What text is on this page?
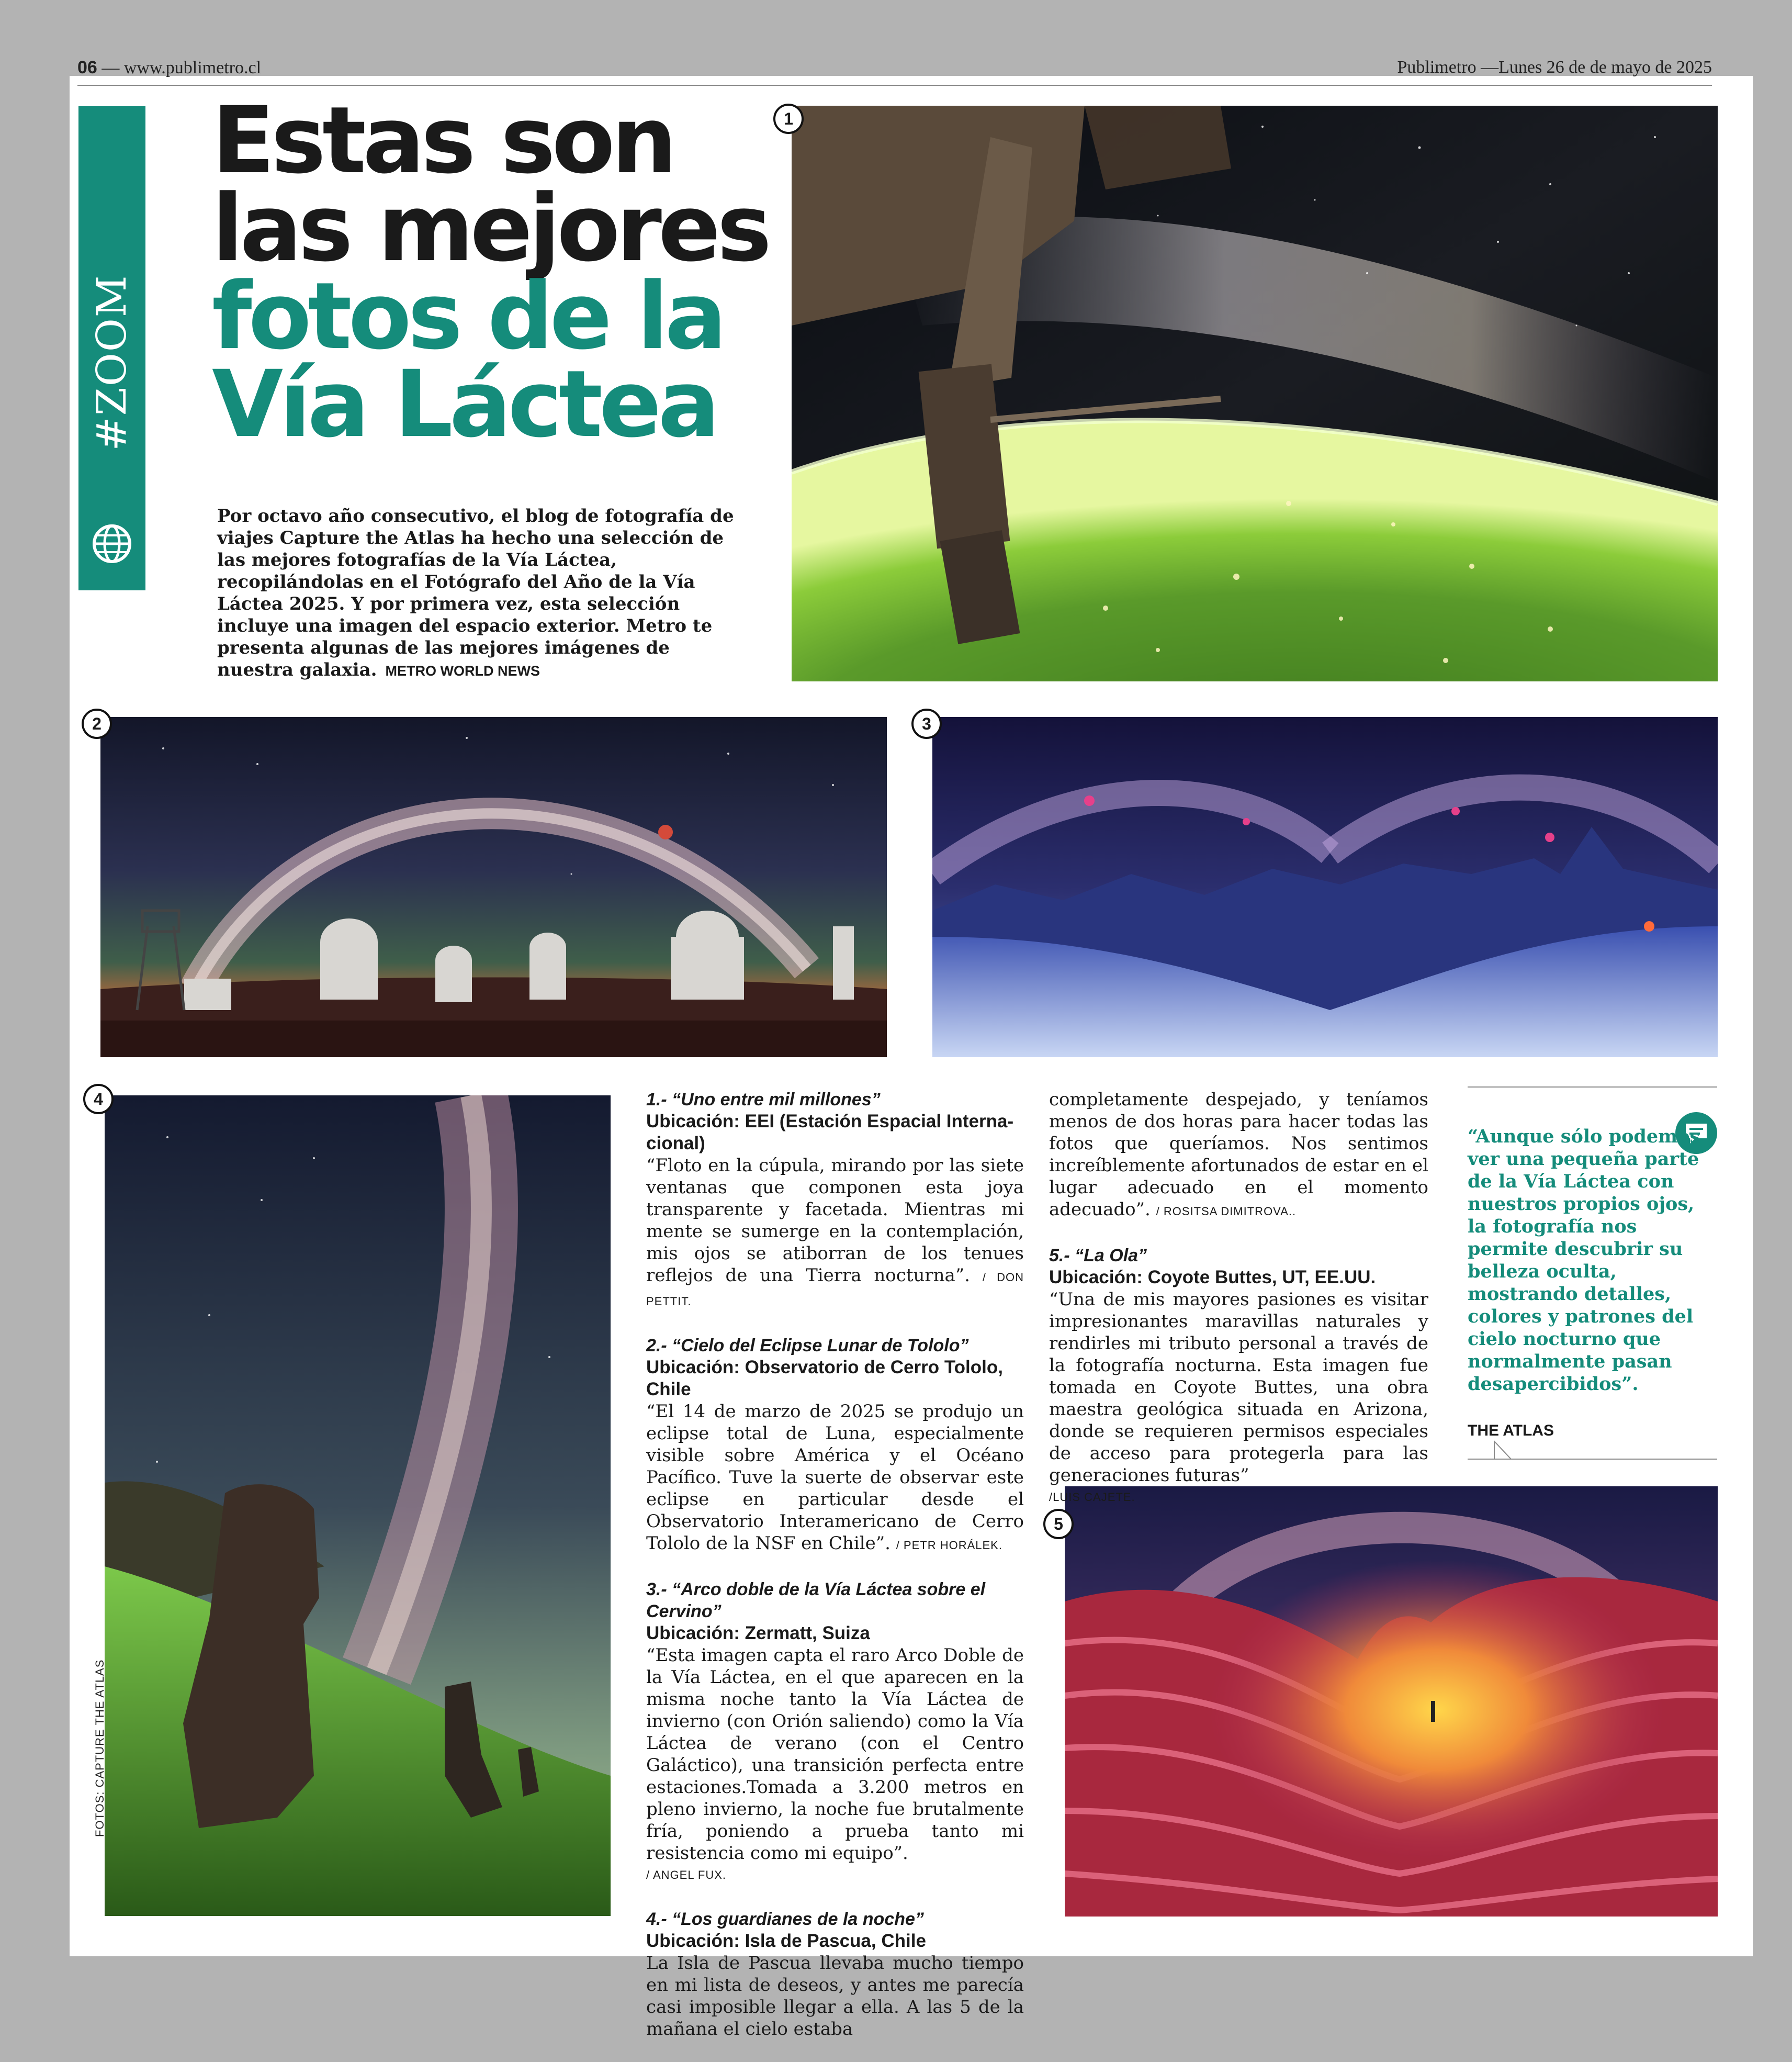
06 — www.publimetro.cl	Publimetro —Lunes 26 de de mayo de 2025
#ZOOM
Estas son
las mejores
fotos de la
Vía Láctea
Por octavo año consecutivo, el blog de fotografía de viajes Capture the Atlas ha hecho una selección de las mejores fotografías de la Vía Láctea, recopilándolas en el Fotógrafo del Año de la Vía Láctea 2025. Y por primera vez, esta selección incluye una imagen del espacio exterior. Metro te presenta algunas de las mejores imágenes de nuestra galaxia. METRO WORLD NEWS
1
2	3
4
5
1.- “Uno entre mil millones”
Ubicación: EEI (Estación Espacial Internacional)

“Floto en la cúpula, mirando por las siete ventanas que componen esta joya transparente y facetada. Mientras mi mente se sumerge en la contemplación, mis ojos se atiborran de los tenues reflejos de una Tierra nocturna”. / DON PETTIT.

2.- “Cielo del Eclipse Lunar de Tololo”
Ubicación: Observatorio de Cerro Tololo, Chile

“El 14 de marzo de 2025 se produjo un eclipse total de Luna, especialmente visible sobre América y el Océano Pacífico. Tuve la suerte de observar este eclipse en particular desde el Observatorio Interamericano de Cerro Tololo de la NSF en Chile”. / PETR HORÁLEK.

3.- “Arco doble de la Vía Láctea sobre el Cervino”
Ubicación: Zermatt, Suiza

“Esta imagen capta el raro Arco Doble de la Vía Láctea, en el que aparecen en la misma noche tanto la Vía Láctea de invierno (con Orión saliendo) como la Vía Láctea de verano (con el Centro Galáctico), una transición perfecta entre estaciones.Tomada a 3.200 metros en pleno invierno, la noche fue brutalmente fría, poniendo a prueba tanto mi resistencia como mi equipo”.

/ ANGEL FUX.
4.- “Los guardianes de la noche”
Ubicación: Isla de Pascua, Chile

La Isla de Pascua llevaba mucho tiempo en mi lista de deseos, y antes me parecía casi imposible llegar a ella. A las 5 de la mañana el cielo estaba

completamente despejado, y teníamos menos de dos horas para hacer todas las fotos que queríamos. Nos sentimos increíblemente afortunados de estar en el lugar adecuado en el momento adecuado”. / ROSITSA DIMITROVA..

5.- “La Ola”
Ubicación: Coyote Buttes, UT, EE.UU.

“Una de mis mayores pasiones es visitar impresionantes maravillas naturales y rendirles mi tributo personal a través de la fotografía nocturna. Esta imagen fue tomada en Coyote Buttes, una obra maestra geológica situada en Arizona, donde se requieren permisos especiales de acceso para protegerla para las generaciones futuras”

/LUIS CAJETE.
“Aunque sólo podemos ver una pequeña parte de la Vía Láctea con nuestros propios ojos, la fotografía nos permite descubrir su belleza oculta, mostrando detalles, colores y patrones del cielo nocturno que normalmente pasan desapercibidos”.
THE ATLAS
FOTOS: CAPTURE THE ATLAS
